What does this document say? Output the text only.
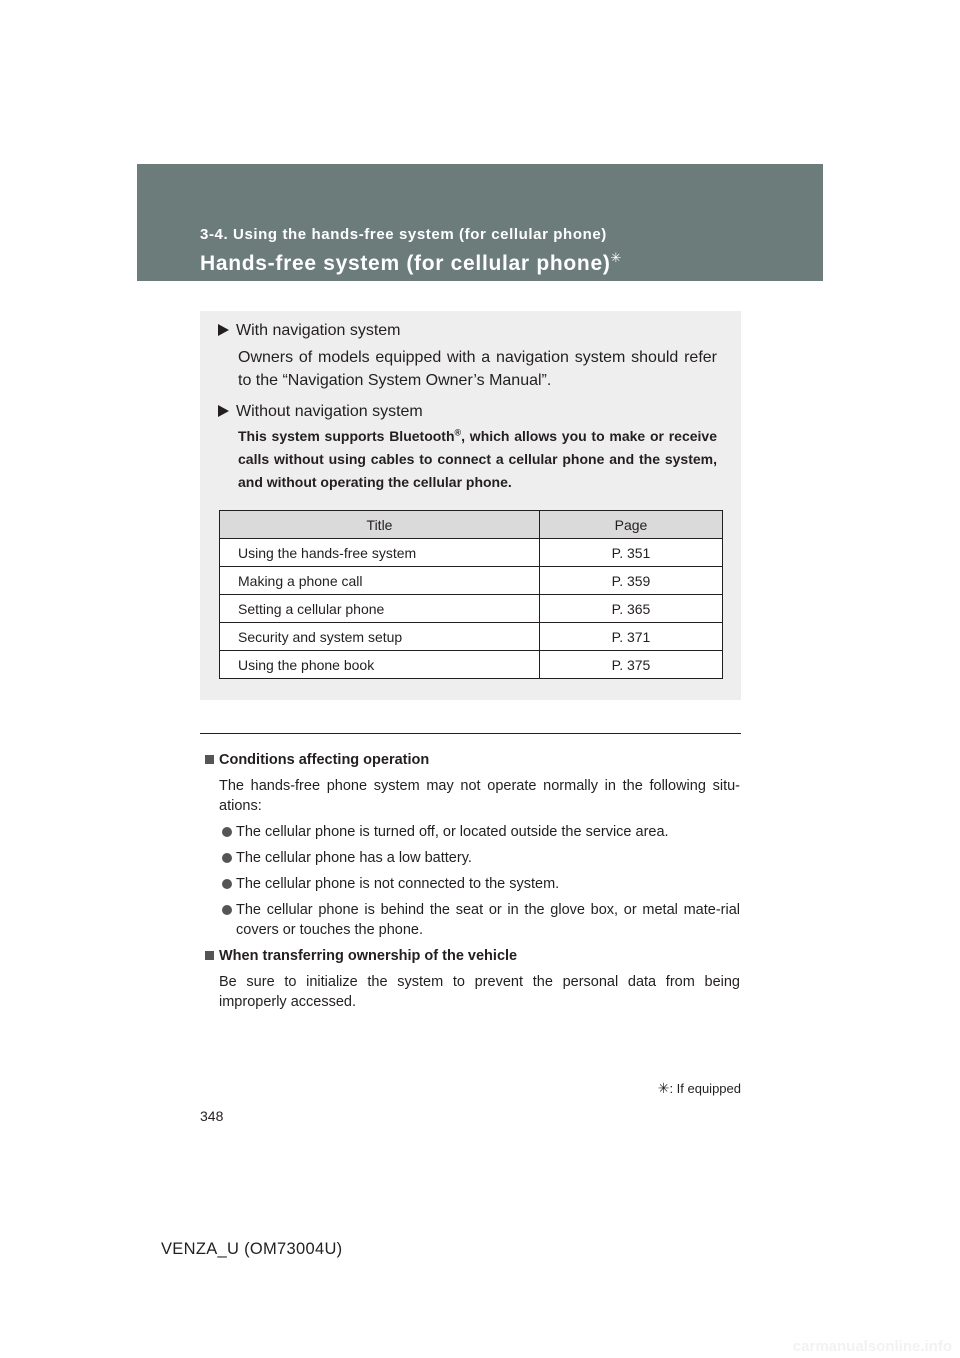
3-4. Using the hands-free system (for cellular phone)
Hands-free system (for cellular phone)✳
With navigation system
Owners of models equipped with a navigation system should refer to the “Navigation System Owner’s Manual”.
Without navigation system
This system supports Bluetooth®, which allows you to make or receive calls without using cables to connect a cellular phone and the system, and without operating the cellular phone.
Title	Page
Using the hands-free system	P. 351
Making a phone call	P. 359
Setting a cellular phone	P. 365
Security and system setup	P. 371
Using the phone book	P. 375
Conditions affecting operation
The hands-free phone system may not operate normally in the following situ-ations:
The cellular phone is turned off, or located outside the service area.
The cellular phone has a low battery.
The cellular phone is not connected to the system.
The cellular phone is behind the seat or in the glove box, or metal mate-rial covers or touches the phone.
When transferring ownership of the vehicle
Be sure to initialize the system to prevent the personal data from being improperly accessed.
✳: If equipped
348
VENZA_U (OM73004U)
carmanualsonline.info
